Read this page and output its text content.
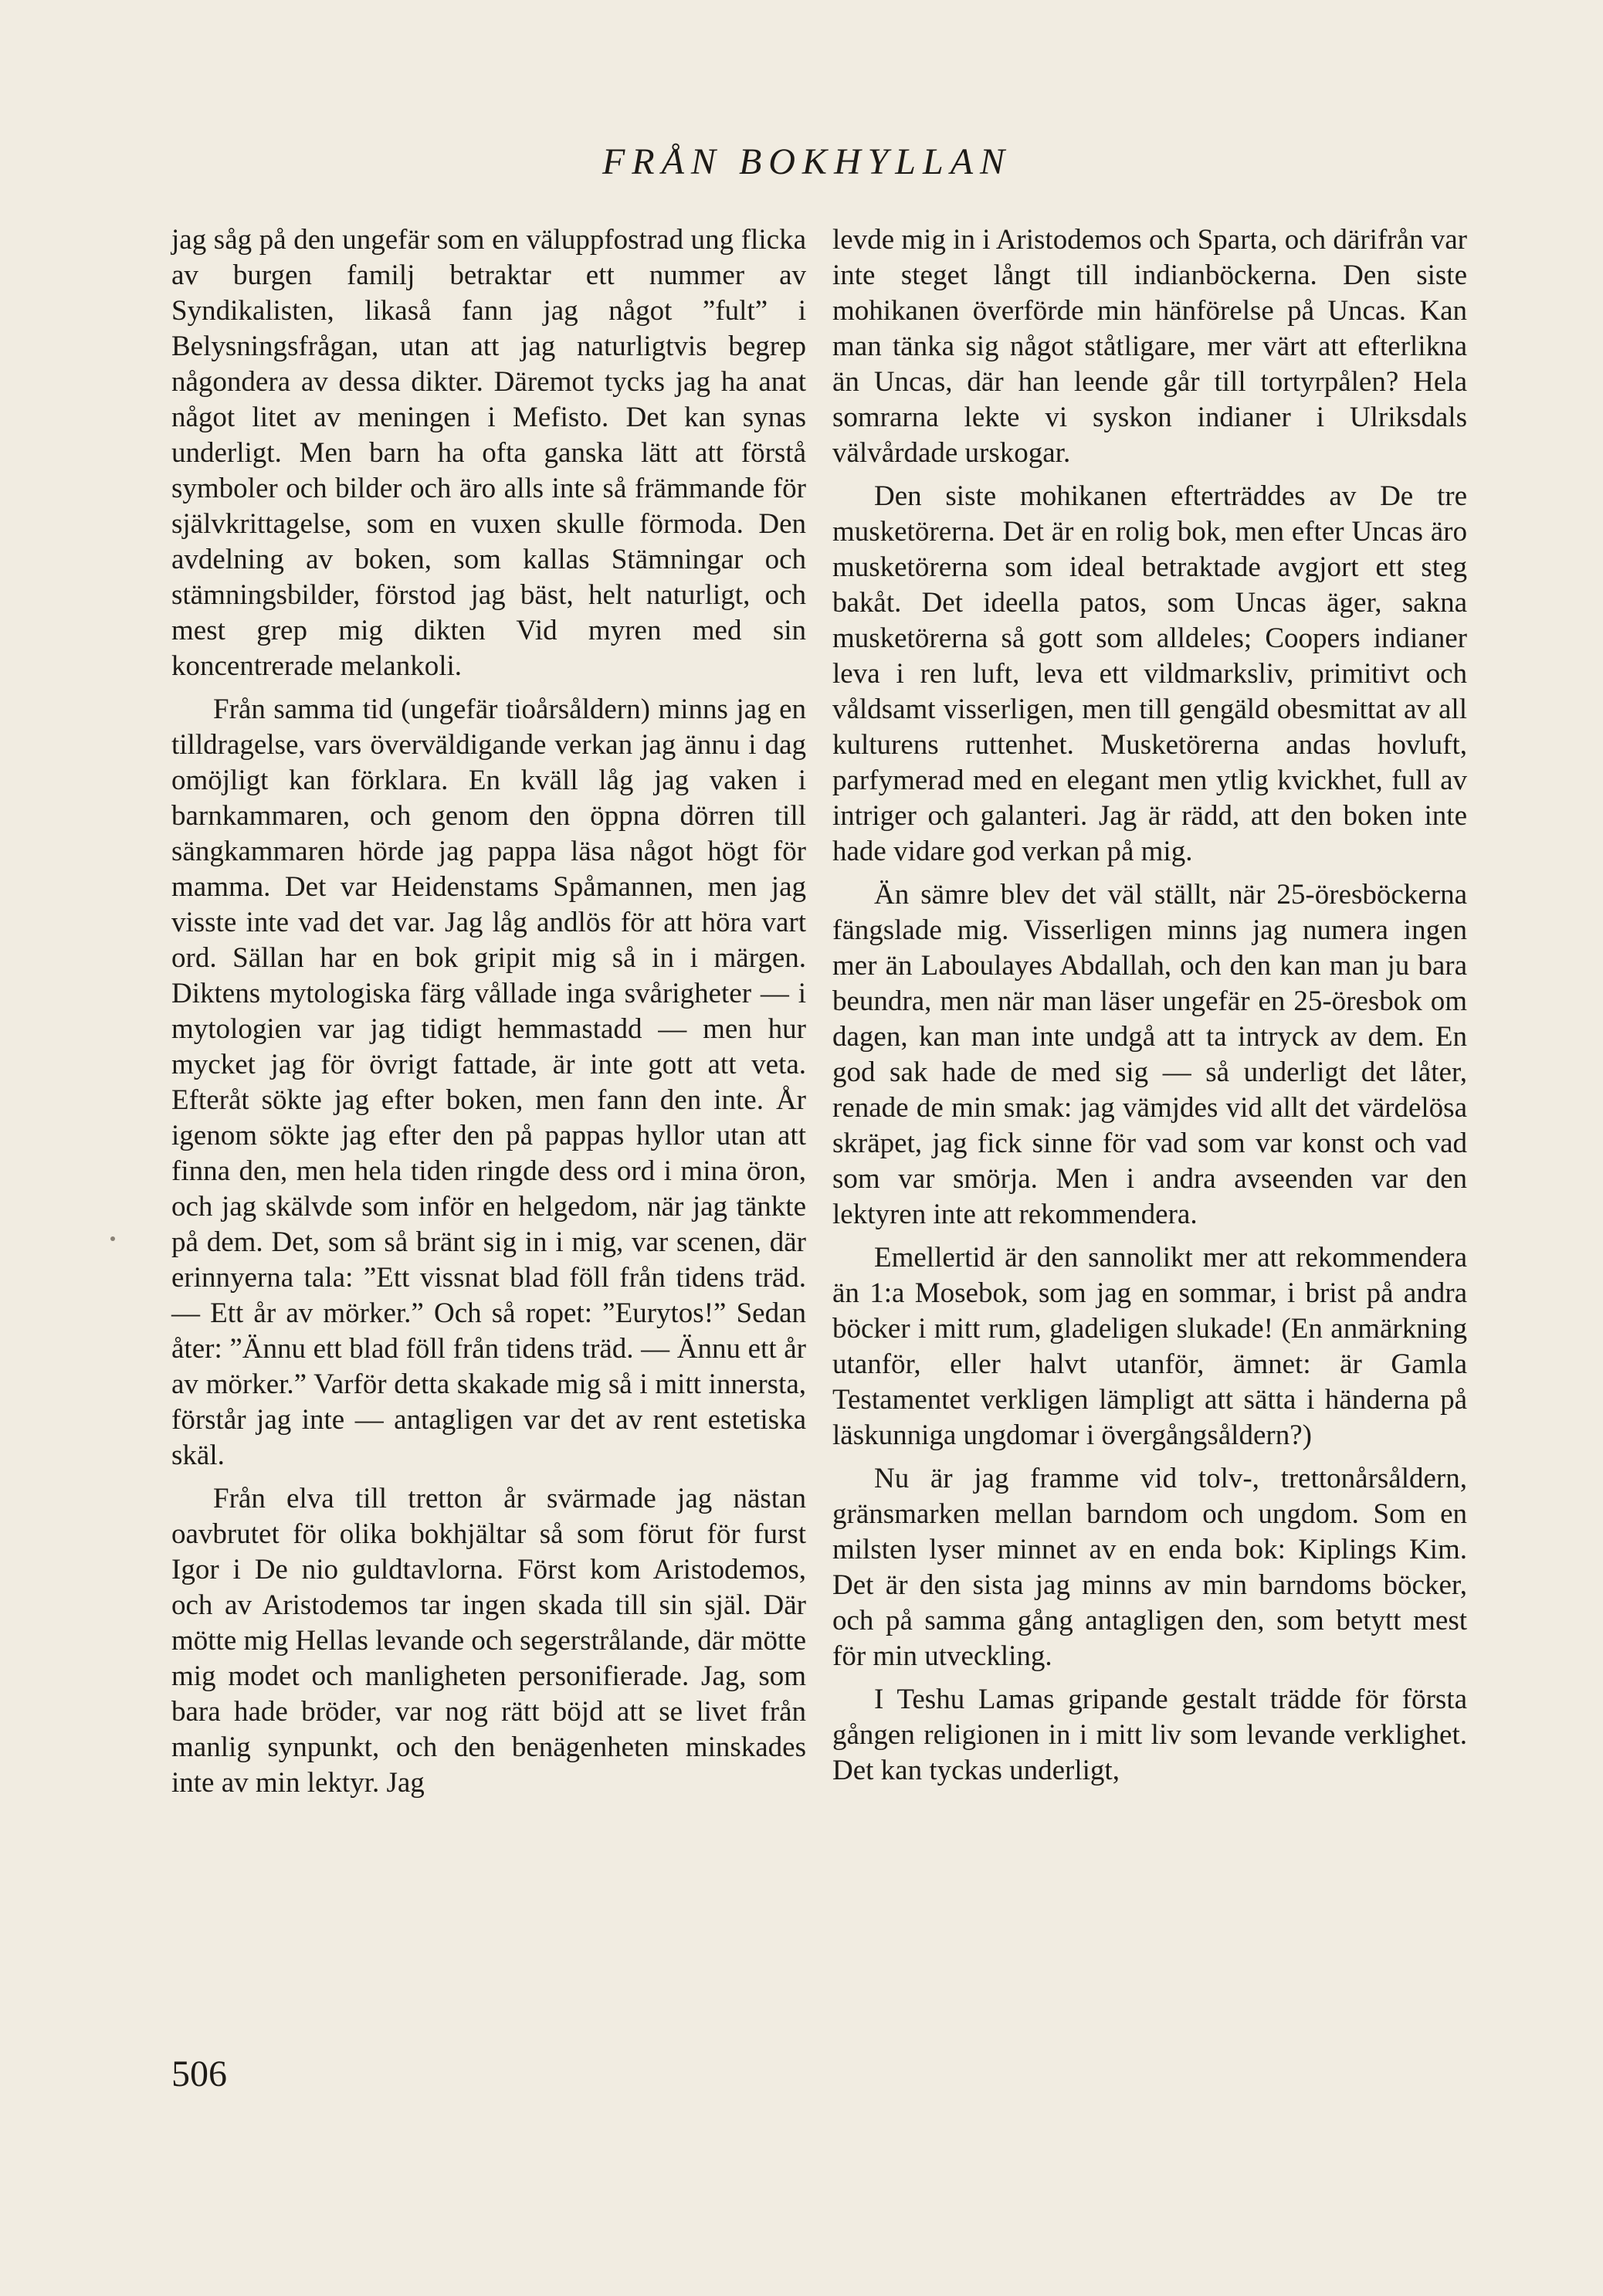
FRÅN BOKHYLLAN

jag såg på den ungefär som en väluppfostrad ung flicka av burgen familj betraktar ett nummer av Syndikalisten, likaså fann jag något ”fult” i Belysningsfrågan, utan att jag naturligtvis begrep någondera av dessa dikter. Däremot tycks jag ha anat något litet av meningen i Mefisto. Det kan synas underligt. Men barn ha ofta ganska lätt att förstå symboler och bilder och äro alls inte så främmande för självkrittagelse, som en vuxen skulle förmoda. Den avdelning av boken, som kallas Stämningar och stämningsbilder, förstod jag bäst, helt naturligt, och mest grep mig dikten Vid myren med sin koncentrerade melankoli.

Från samma tid (ungefär tioårsåldern) minns jag en tilldragelse, vars överväldigande verkan jag ännu i dag omöjligt kan förklara. En kväll låg jag vaken i barnkammaren, och genom den öppna dörren till sängkammaren hörde jag pappa läsa något högt för mamma. Det var Heidenstams Spåmannen, men jag visste inte vad det var. Jag låg andlös för att höra vart ord. Sällan har en bok gripit mig så in i märgen. Diktens mytologiska färg vållade inga svårigheter — i mytologien var jag tidigt hemmastadd — men hur mycket jag för övrigt fattade, är inte gott att veta. Efteråt sökte jag efter boken, men fann den inte. År igenom sökte jag efter den på pappas hyllor utan att finna den, men hela tiden ringde dess ord i mina öron, och jag skälvde som inför en helgedom, när jag tänkte på dem. Det, som så bränt sig in i mig, var scenen, där erinnyerna tala: ”Ett vissnat blad föll från tidens träd. — Ett år av mörker.” Och så ropet: ”Eurytos!” Sedan åter: ”Ännu ett blad föll från tidens träd. — Ännu ett år av mörker.” Varför detta skakade mig så i mitt innersta, förstår jag inte — antagligen var det av rent estetiska skäl.

Från elva till tretton år svärmade jag nästan oavbrutet för olika bokhjältar så som förut för furst Igor i De nio guldtavlorna. Först kom Aristodemos, och av Aristodemos tar ingen skada till sin själ. Där mötte mig Hellas levande och segerstrålande, där mötte mig modet och manligheten personifierade. Jag, som bara hade bröder, var nog rätt böjd att se livet från manlig synpunkt, och den benägenheten minskades inte av min lektyr. Jag

levde mig in i Aristodemos och Sparta, och därifrån var inte steget långt till indianböckerna. Den siste mohikanen överförde min hänförelse på Uncas. Kan man tänka sig något ståtligare, mer värt att efterlikna än Uncas, där han leende går till tortyrpålen? Hela somrarna lekte vi syskon indianer i Ulriksdals välvårdade urskogar.

Den siste mohikanen efterträddes av De tre musketörerna. Det är en rolig bok, men efter Uncas äro musketörerna som ideal betraktade avgjort ett steg bakåt. Det ideella patos, som Uncas äger, sakna musketörerna så gott som alldeles; Coopers indianer leva i ren luft, leva ett vildmarksliv, primitivt och våldsamt visserligen, men till gengäld obesmittat av all kulturens ruttenhet. Musketörerna andas hovluft, parfymerad med en elegant men ytlig kvickhet, full av intriger och galanteri. Jag är rädd, att den boken inte hade vidare god verkan på mig.

Än sämre blev det väl ställt, när 25-öresböckerna fängslade mig. Visserligen minns jag numera ingen mer än Laboulayes Abdallah, och den kan man ju bara beundra, men när man läser ungefär en 25-öresbok om dagen, kan man inte undgå att ta intryck av dem. En god sak hade de med sig — så underligt det låter, renade de min smak: jag vämjdes vid allt det värdelösa skräpet, jag fick sinne för vad som var konst och vad som var smörja. Men i andra avseenden var den lektyren inte att rekommendera.

Emellertid är den sannolikt mer att rekommendera än 1:a Mosebok, som jag en sommar, i brist på andra böcker i mitt rum, gladeligen slukade! (En anmärkning utanför, eller halvt utanför, ämnet: är Gamla Testamentet verkligen lämpligt att sätta i händerna på läskunniga ungdomar i övergångsåldern?)

Nu är jag framme vid tolv-, trettonårsåldern, gränsmarken mellan barndom och ungdom. Som en milsten lyser minnet av en enda bok: Kiplings Kim. Det är den sista jag minns av min barndoms böcker, och på samma gång antagligen den, som betytt mest för min utveckling.

I Teshu Lamas gripande gestalt trädde för första gången religionen in i mitt liv som levande verklighet. Det kan tyckas underligt,

506
